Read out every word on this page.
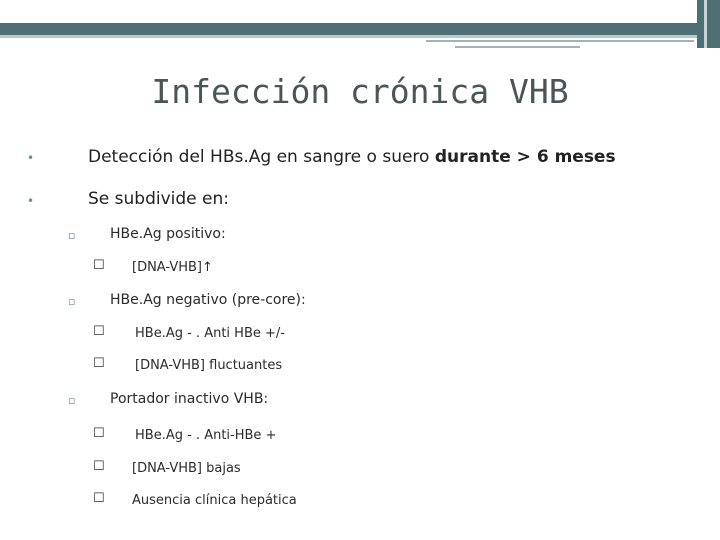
Infección crónica VHB
•	Detección del HBs.Ag en sangre o suero durante > 6 meses
•	Se subdivide en:
▫ HBe.Ag positivo:
☐ [DNA-VHB]↑
▫ HBe.Ag negativo (pre-core):
☐ HBe.Ag - . Anti HBe +/-
☐ [DNA-VHB] fluctuantes
▫ Portador inactivo VHB:
☐ HBe.Ag - . Anti-HBe +
☐ [DNA-VHB] bajas
☐ Ausencia clínica hepática
